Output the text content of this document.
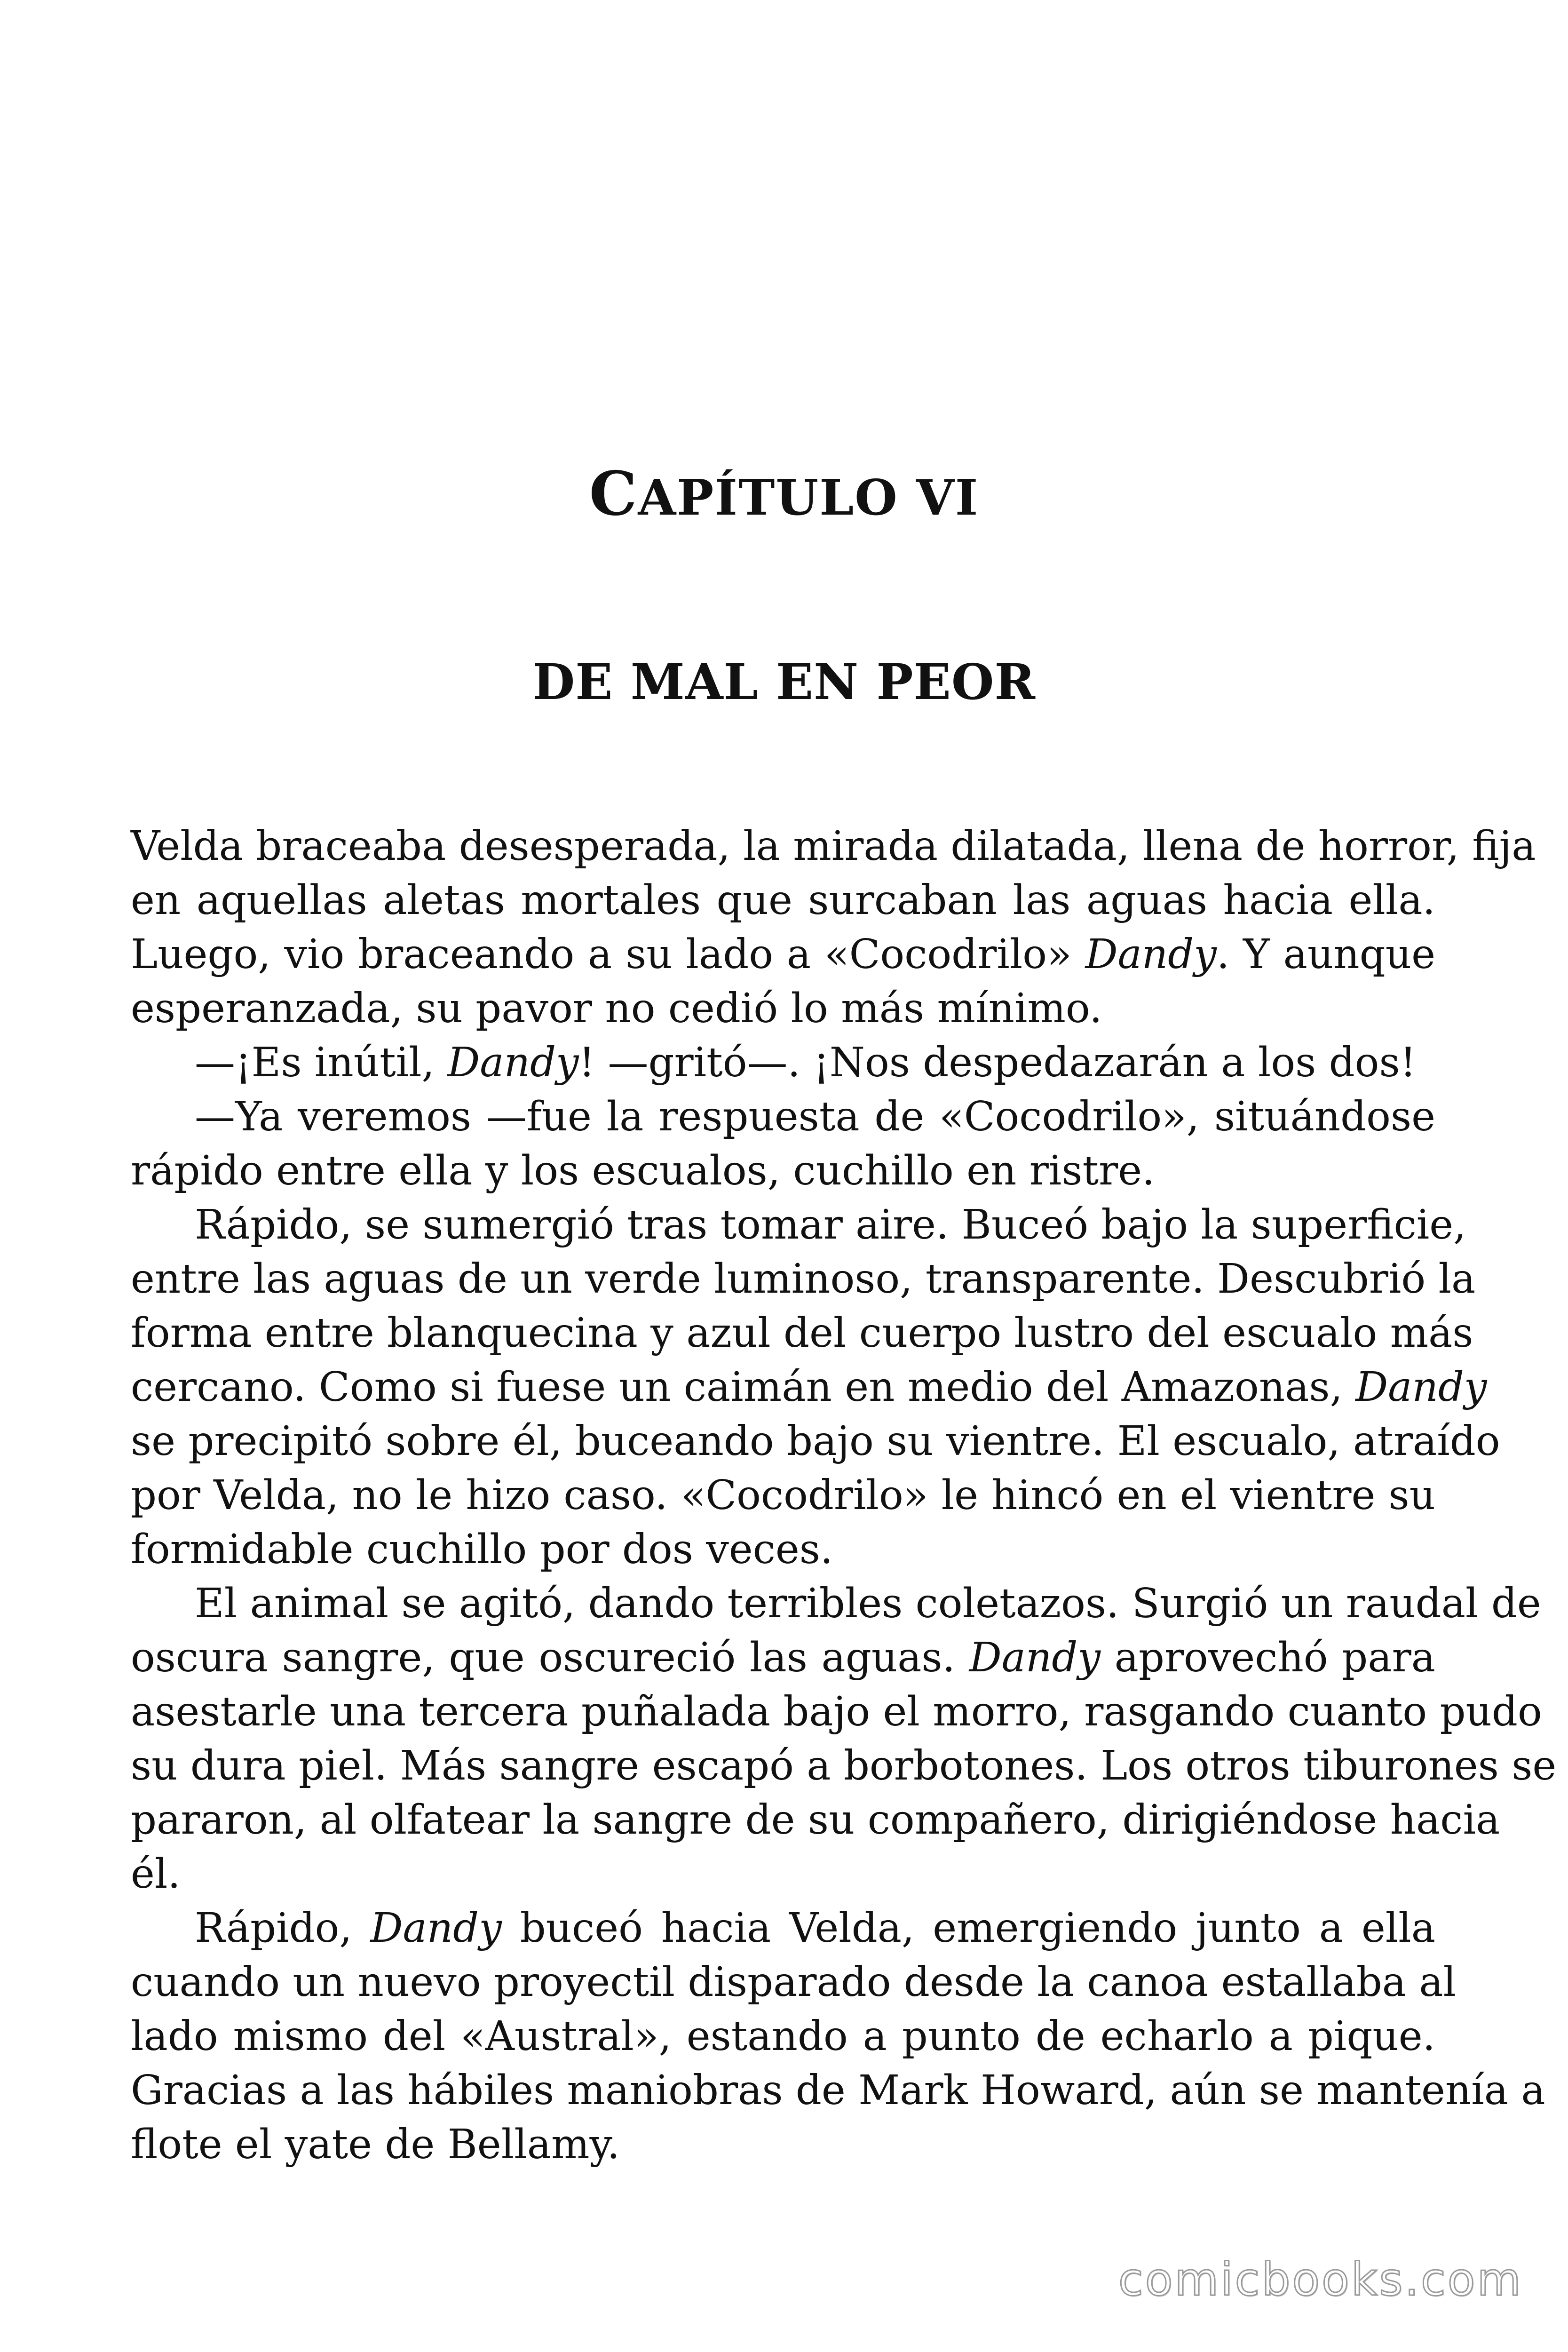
CAPÍTULO VI
DE MAL EN PEOR
Velda braceaba desesperada, la mirada dilatada, llena de horror, fija
en aquellas aletas mortales que surcaban las aguas hacia ella.
Luego, vio braceando a su lado a «Cocodrilo» Dandy. Y aunque
esperanzada, su pavor no cedió lo más mínimo.
—¡Es inútil, Dandy! —gritó—. ¡Nos despedazarán a los dos!
—Ya veremos —fue la respuesta de «Cocodrilo», situándose
rápido entre ella y los escualos, cuchillo en ristre.
Rápido, se sumergió tras tomar aire. Buceó bajo la superficie,
entre las aguas de un verde luminoso, transparente. Descubrió la
forma entre blanquecina y azul del cuerpo lustro del escualo más
cercano. Como si fuese un caimán en medio del Amazonas, Dandy
se precipitó sobre él, buceando bajo su vientre. El escualo, atraído
por Velda, no le hizo caso. «Cocodrilo» le hincó en el vientre su
formidable cuchillo por dos veces.
El animal se agitó, dando terribles coletazos. Surgió un raudal de
oscura sangre, que oscureció las aguas. Dandy aprovechó para
asestarle una tercera puñalada bajo el morro, rasgando cuanto pudo
su dura piel. Más sangre escapó a borbotones. Los otros tiburones se
pararon, al olfatear la sangre de su compañero, dirigiéndose hacia
él.
Rápido, Dandy buceó hacia Velda, emergiendo junto a ella
cuando un nuevo proyectil disparado desde la canoa estallaba al
lado mismo del «Austral», estando a punto de echarlo a pique.
Gracias a las hábiles maniobras de Mark Howard, aún se mantenía a
flote el yate de Bellamy.
comicbooks.com
